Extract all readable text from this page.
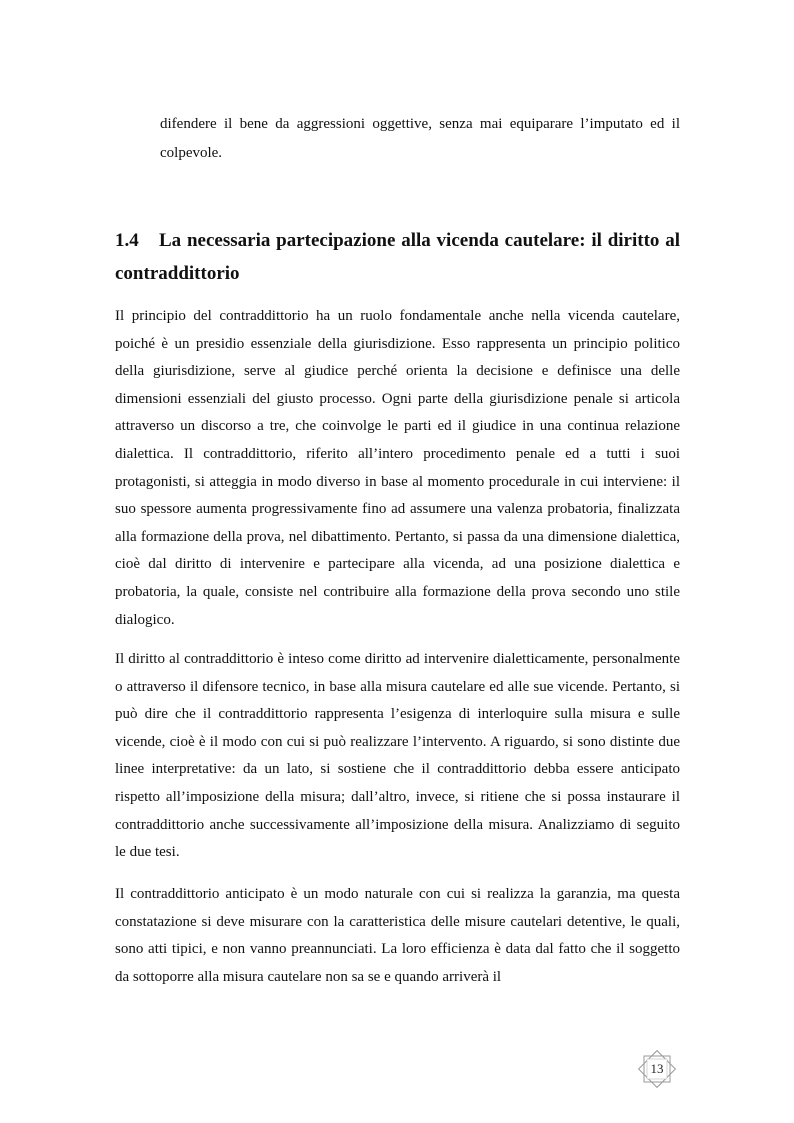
difendere il bene da aggressioni oggettive, senza mai equiparare l’imputato ed il colpevole.

1.4 La necessaria partecipazione alla vicenda cautelare: il diritto al contraddittorio

Il principio del contraddittorio ha un ruolo fondamentale anche nella vicenda cautelare, poiché è un presidio essenziale della giurisdizione. Esso rappresenta un principio politico della giurisdizione, serve al giudice perché orienta la decisione e definisce una delle dimensioni essenziali del giusto processo. Ogni parte della giurisdizione penale si articola attraverso un discorso a tre, che coinvolge le parti ed il giudice in una continua relazione dialettica. Il contraddittorio, riferito all’intero procedimento penale ed a tutti i suoi protagonisti, si atteggia in modo diverso in base al momento procedurale in cui interviene: il suo spessore aumenta progressivamente fino ad assumere una valenza probatoria, finalizzata alla formazione della prova, nel dibattimento. Pertanto, si passa da una dimensione dialettica, cioè dal diritto di intervenire e partecipare alla vicenda, ad una posizione dialettica e probatoria, la quale, consiste nel contribuire alla formazione della prova secondo uno stile dialogico.

Il diritto al contraddittorio è inteso come diritto ad intervenire dialetticamente, personalmente o attraverso il difensore tecnico, in base alla misura cautelare ed alle sue vicende. Pertanto, si può dire che il contraddittorio rappresenta l’esigenza di interloquire sulla misura e sulle vicende, cioè è il modo con cui si può realizzare l’intervento. A riguardo, si sono distinte due linee interpretative: da un lato, si sostiene che il contraddittorio debba essere anticipato rispetto all’imposizione della misura; dall’altro, invece, si ritiene che si possa instaurare il contraddittorio anche successivamente all’imposizione della misura. Analizziamo di seguito le due tesi.

Il contraddittorio anticipato è un modo naturale con cui si realizza la garanzia, ma questa constatazione si deve misurare con la caratteristica delle misure cautelari detentive, le quali, sono atti tipici, e non vanno preannunciati. La loro efficienza è data dal fatto che il soggetto da sottoporre alla misura cautelare non sa se e quando arriverà il

13
